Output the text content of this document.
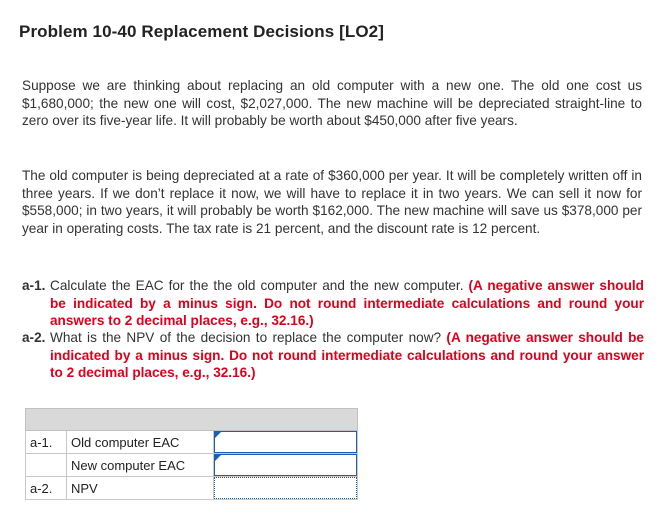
Problem 10-40 Replacement Decisions [LO2]
Suppose we are thinking about replacing an old computer with a new one. The old one cost us $1,680,000; the new one will cost, $2,027,000. The new machine will be depreciated straight-line to zero over its five-year life. It will probably be worth about $450,000 after five years.
The old computer is being depreciated at a rate of $360,000 per year. It will be completely written off in three years. If we don’t replace it now, we will have to replace it in two years. We can sell it now for $558,000; in two years, it will probably be worth $162,000. The new machine will save us $378,000 per year in operating costs. The tax rate is 21 percent, and the discount rate is 12 percent.
a-1. Calculate the EAC for the the old computer and the new computer. (A negative answer should be indicated by a minus sign. Do not round intermediate calculations and round your answers to 2 decimal places, e.g., 32.16.)
a-2. What is the NPV of the decision to replace the computer now? (A negative answer should be indicated by a minus sign. Do not round intermediate calculations and round your answer to 2 decimal places, e.g., 32.16.)

a-1.	Old computer EAC	

	New computer EAC	

a-2.	NPV	
